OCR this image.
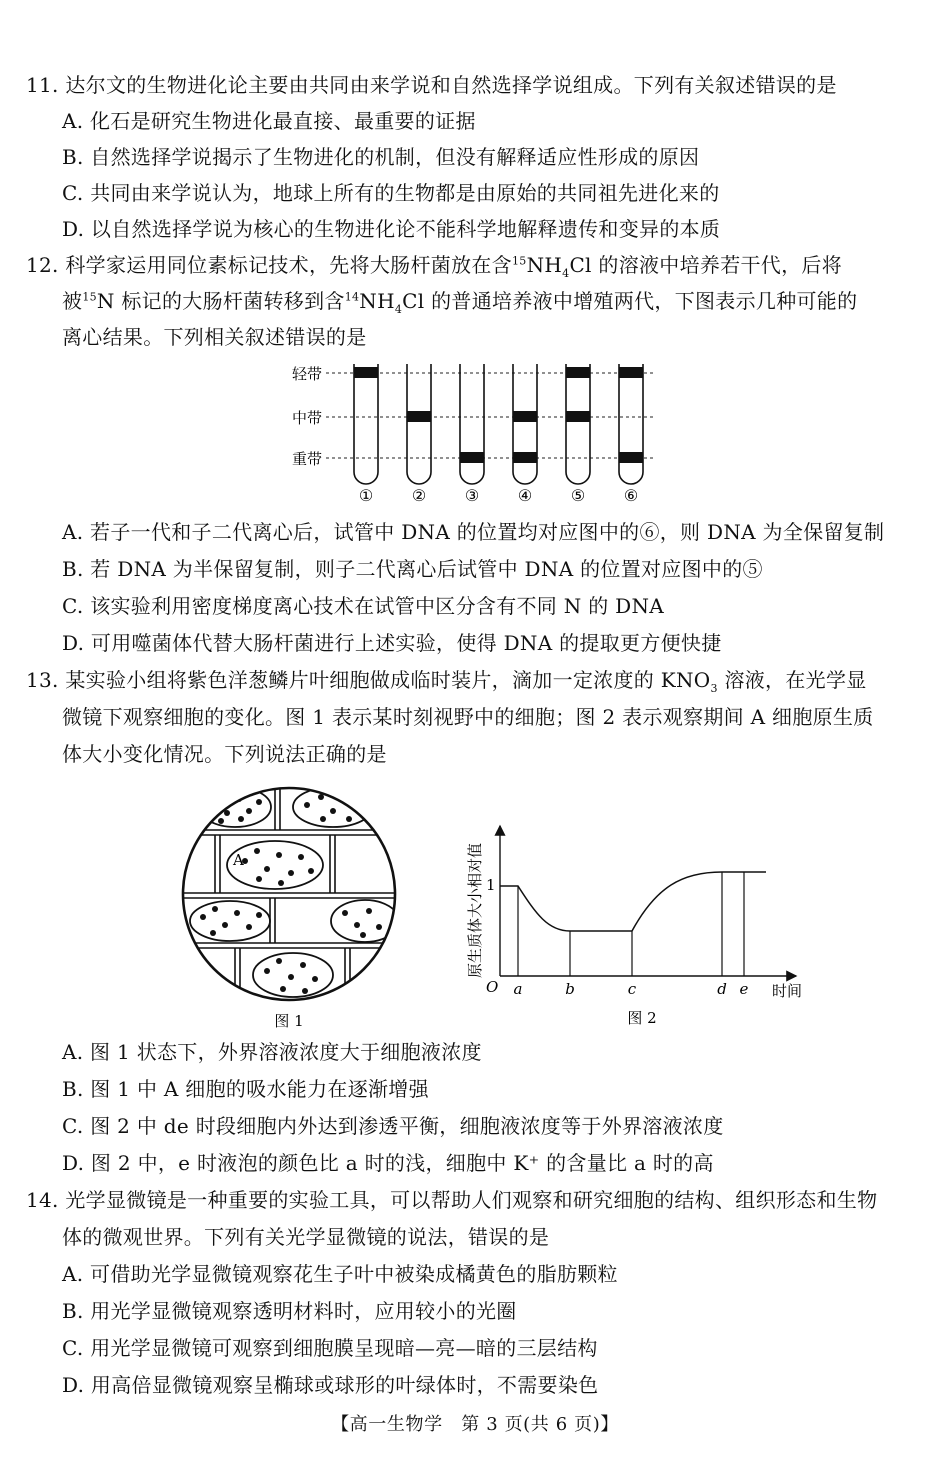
11. 达尔文的生物进化论主要由共同由来学说和自然选择学说组成。下列有关叙述错误的是
A. 化石是研究生物进化最直接、最重要的证据
B. 自然选择学说揭示了生物进化的机制，但没有解释适应性形成的原因
C. 共同由来学说认为，地球上所有的生物都是由原始的共同祖先进化来的
D. 以自然选择学说为核心的生物进化论不能科学地解释遗传和变异的本质
12. 科学家运用同位素标记技术，先将大肠杆菌放在含$^{15}NH_4Cl$ 的溶液中培养若干代，后将
被$^{15}$N 标记的大肠杆菌转移到含$^{14}NH_4Cl$ 的普通培养液中增殖两代，下图表示几种可能的
离心结果。下列相关叙述错误的是
轻带
中带
重带
① ② ③ ④ ⑤ ⑥
A. 若子一代和子二代离心后，试管中 DNA 的位置均对应图中的⑥，则 DNA 为全保留复制
B. 若 DNA 为半保留复制，则子二代离心后试管中 DNA 的位置对应图中的⑤
C. 该实验利用密度梯度离心技术在试管中区分含有不同 N 的 DNA
D. 可用噬菌体代替大肠杆菌进行上述实验，使得 DNA 的提取更方便快捷
13. 某实验小组将紫色洋葱鳞片叶细胞做成临时装片，滴加一定浓度的 $KNO_3$ 溶液，在光学显
微镜下观察细胞的变化。图 1 表示某时刻视野中的细胞；图 2 表示观察期间 A 细胞原生质
体大小变化情况。下列说法正确的是
A
图 1
原生质体大小相对值 1
O	时间
a	b	c	d e
图 2
A. 图 1 状态下，外界溶液浓度大于细胞液浓度
B. 图 1 中 A 细胞的吸水能力在逐渐增强
C. 图 2 中 de 时段细胞内外达到渗透平衡，细胞液浓度等于外界溶液浓度
D. 图 2 中，e 时液泡的颜色比 a 时的浅，细胞中 K⁺ 的含量比 a 时的高
14. 光学显微镜是一种重要的实验工具，可以帮助人们观察和研究细胞的结构、组织形态和生物
体的微观世界。下列有关光学显微镜的说法，错误的是
A. 可借助光学显微镜观察花生子叶中被染成橘黄色的脂肪颗粒
B. 用光学显微镜观察透明材料时，应用较小的光圈
C. 用光学显微镜可观察到细胞膜呈现暗—亮—暗的三层结构
D. 用高倍显微镜观察呈椭球或球形的叶绿体时，不需要染色
【高一生物学　第 3 页(共 6 页)】
